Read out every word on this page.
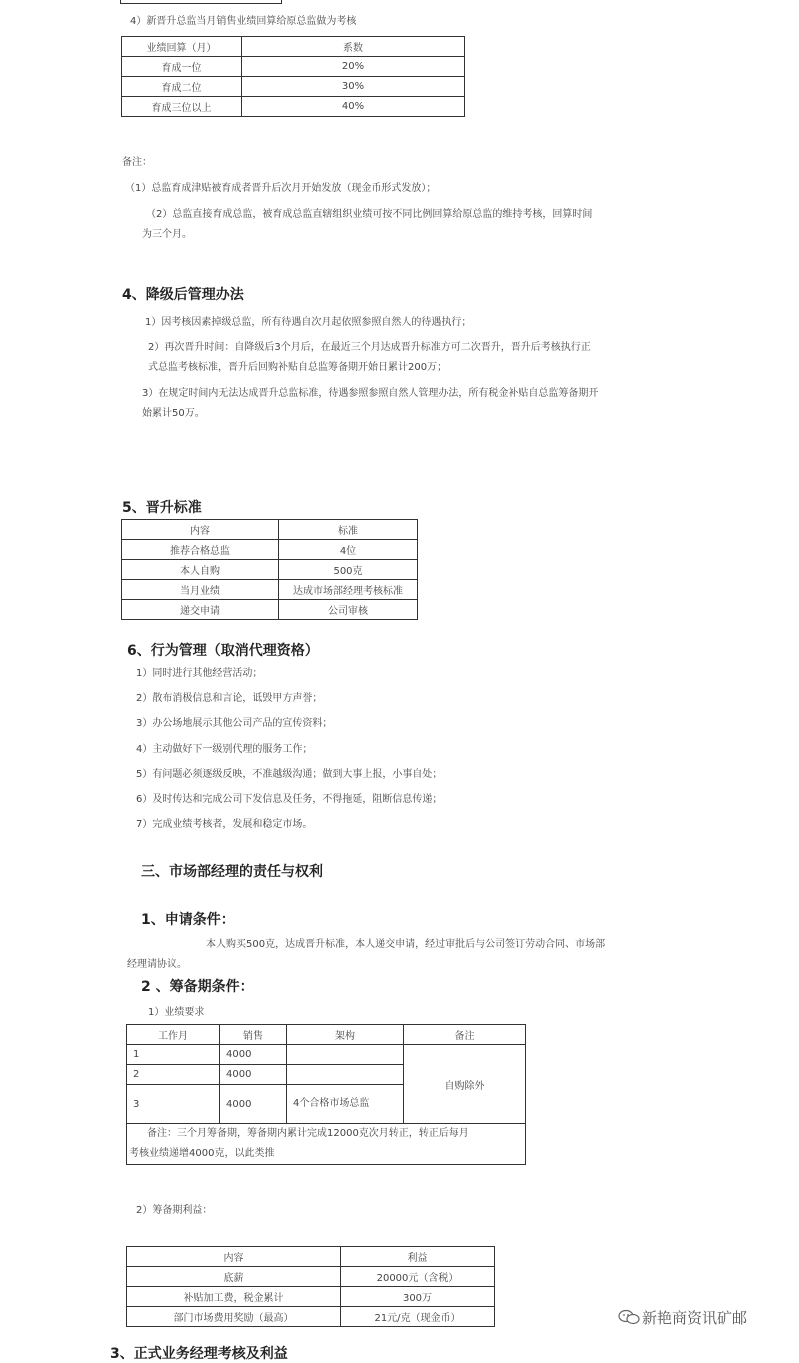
4）新晋升总监当月销售业绩回算给原总监做为考核
业绩回算（月）	系数
育成一位	20%
育成二位	30%
育成三位以上	40%
备注：
（1）总监育成津贴被育成者晋升后次月开始发放（现金币形式发放）；
（2）总监直接育成总监，被育成总监直辖组织业绩可按不同比例回算给原总监的维持考核，回算时间
为三个月。
4、降级后管理办法
1）因考核因素掉级总监，所有待遇自次月起依照参照自然人的待遇执行；
2）再次晋升时间：自降级后3个月后，在最近三个月达成晋升标准方可二次晋升，晋升后考核执行正
式总监考核标准，晋升后回购补贴自总监筹备期开始日累计200万；
3）在规定时间内无法达成晋升总监标准，待遇参照参照自然人管理办法，所有税金补贴自总监筹备期开
始累计50万。
5、晋升标准
内容	标准
推荐合格总监	4位
本人自购	500克
当月业绩	达成市场部经理考核标准
递交申请	公司审核
6、行为管理（取消代理资格）
1）同时进行其他经营活动；
2）散布消极信息和言论，诋毁甲方声誉；
3）办公场地展示其他公司产品的宣传资料；
4）主动做好下一级别代理的服务工作；
5）有问题必须逐级反映，不准越级沟通；做到大事上报，小事自处；
6）及时传达和完成公司下发信息及任务，不得拖延，阻断信息传递；
7）完成业绩考核者，发展和稳定市场。
三、市场部经理的责任与权利
1、申请条件：
本人购买500克，达成晋升标准，本人递交申请，经过审批后与公司签订劳动合同、市场部
经理请协议。
2 、筹备期条件：
1）业绩要求
工作月	销售	架构	备注
1	4000		自购除外
2	4000		
3	4000	4个合格市场总监	

备注：三个月筹备期，筹备期内累计完成12000克次月转正，转正后每月
考核业绩递增4000克，以此类推			
2）筹备期利益：
内容	利益
底薪	20000元（含税）
补贴加工费，税金累计	300万
部门市场费用奖励（最高）	21元/克（现金币）
3、正式业务经理考核及利益
新艳商资讯矿邮
